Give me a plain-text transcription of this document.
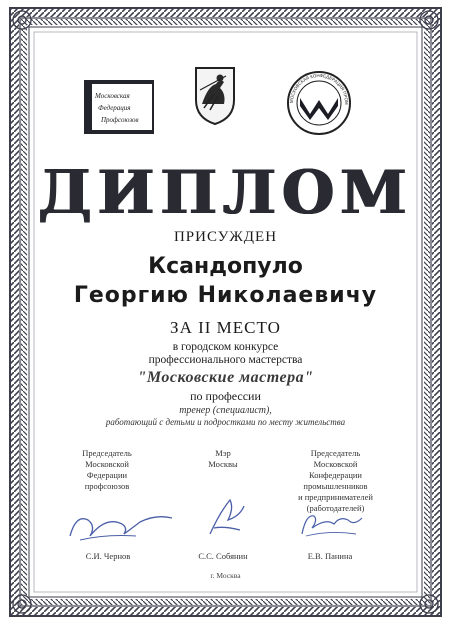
Московская
Федерация
Профсоюзов
МОСКОВСКАЯ КОНФЕДЕРАЦИЯ ПРОМ
ДИПЛОМ
ПРИСУЖДЕН
Ксандопуло
Георгию Николаевичу
ЗА II МЕСТО
в городском конкурсе
профессионального мастерства
"Московские мастера"
по профессии
тренер (специалист),
работающий с детьми и подростками по месту жительства
Председатель
Московской
Федерации
профсоюзов
Мэр
Москвы
Председатель
Московской
Конфедерации
промышленников
и предпринимателей
(работодателей)
С.И. Чернов	С.С. Собянин	Е.В. Панина
г. Москва
